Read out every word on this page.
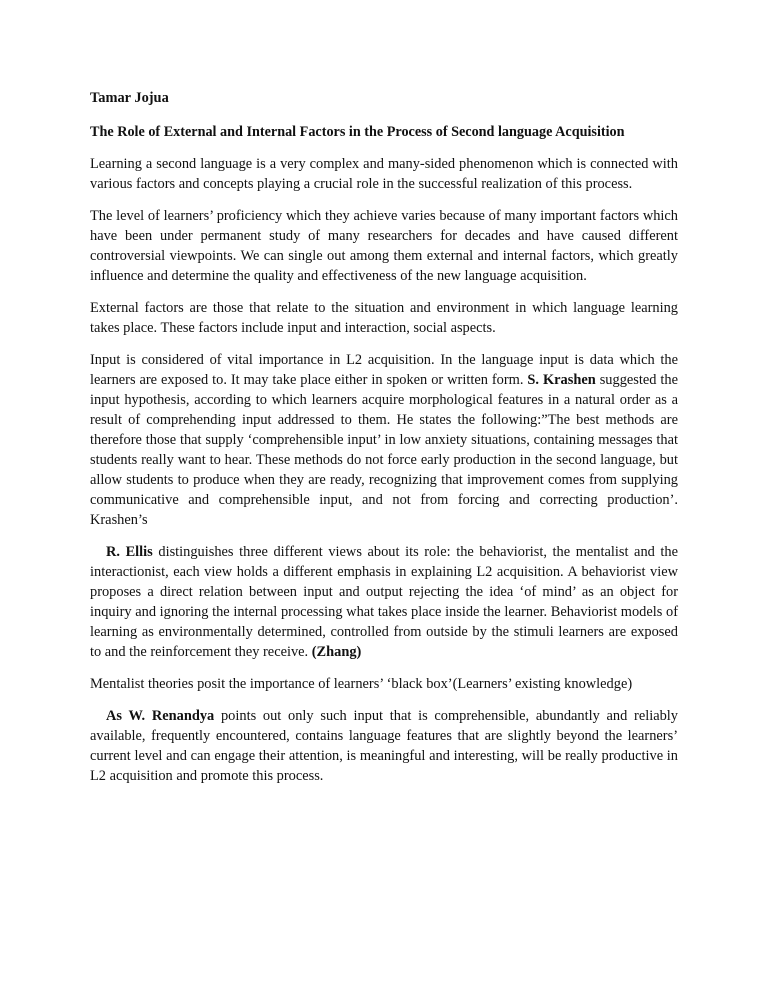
Tamar Jojua

The Role of External and Internal Factors in the Process of Second language Acquisition

Learning a second language is a very complex and many-sided phenomenon which is connected with various factors and concepts playing a crucial role in the successful realization of this process.

The level of learners’ proficiency which they achieve varies because of many important factors which have been under permanent study of many researchers for decades and have caused different controversial viewpoints. We can single out among them external and internal factors, which greatly influence and determine the quality and effectiveness of the new language acquisition.

External factors are those that relate to the situation and environment in which language learning takes place. These factors include input and interaction, social aspects.

Input is considered of vital importance in L2 acquisition. In the language input is data which the learners are exposed to. It may take place either in spoken or written form. S. Krashen suggested the input hypothesis, according to which learners acquire morphological features in a natural order as a result of comprehending input addressed to them. He states the following:”The best methods are therefore those that supply ‘comprehensible input’ in low anxiety situations, containing messages that students really want to hear. These methods do not force early production in the second language, but allow students to produce when they are ready, recognizing that improvement comes from supplying communicative and comprehensible input, and not from forcing and correcting production’. Krashen’s

R. Ellis distinguishes three different views about its role: the behaviorist, the mentalist and the interactionist, each view holds a different emphasis in explaining L2 acquisition. A behaviorist view proposes a direct relation between input and output rejecting the idea ‘of mind’ as an object for inquiry and ignoring the internal processing what takes place inside the learner. Behaviorist models of learning as environmentally determined, controlled from outside by the stimuli learners are exposed to and the reinforcement they receive. (Zhang)

Mentalist theories posit the importance of learners’ ‘black box’(Learners’ existing knowledge)

As W. Renandya points out only such input that is comprehensible, abundantly and reliably available, frequently encountered, contains language features that are slightly beyond the learners’ current level and can engage their attention, is meaningful and interesting, will be really productive in L2 acquisition and promote this process.
